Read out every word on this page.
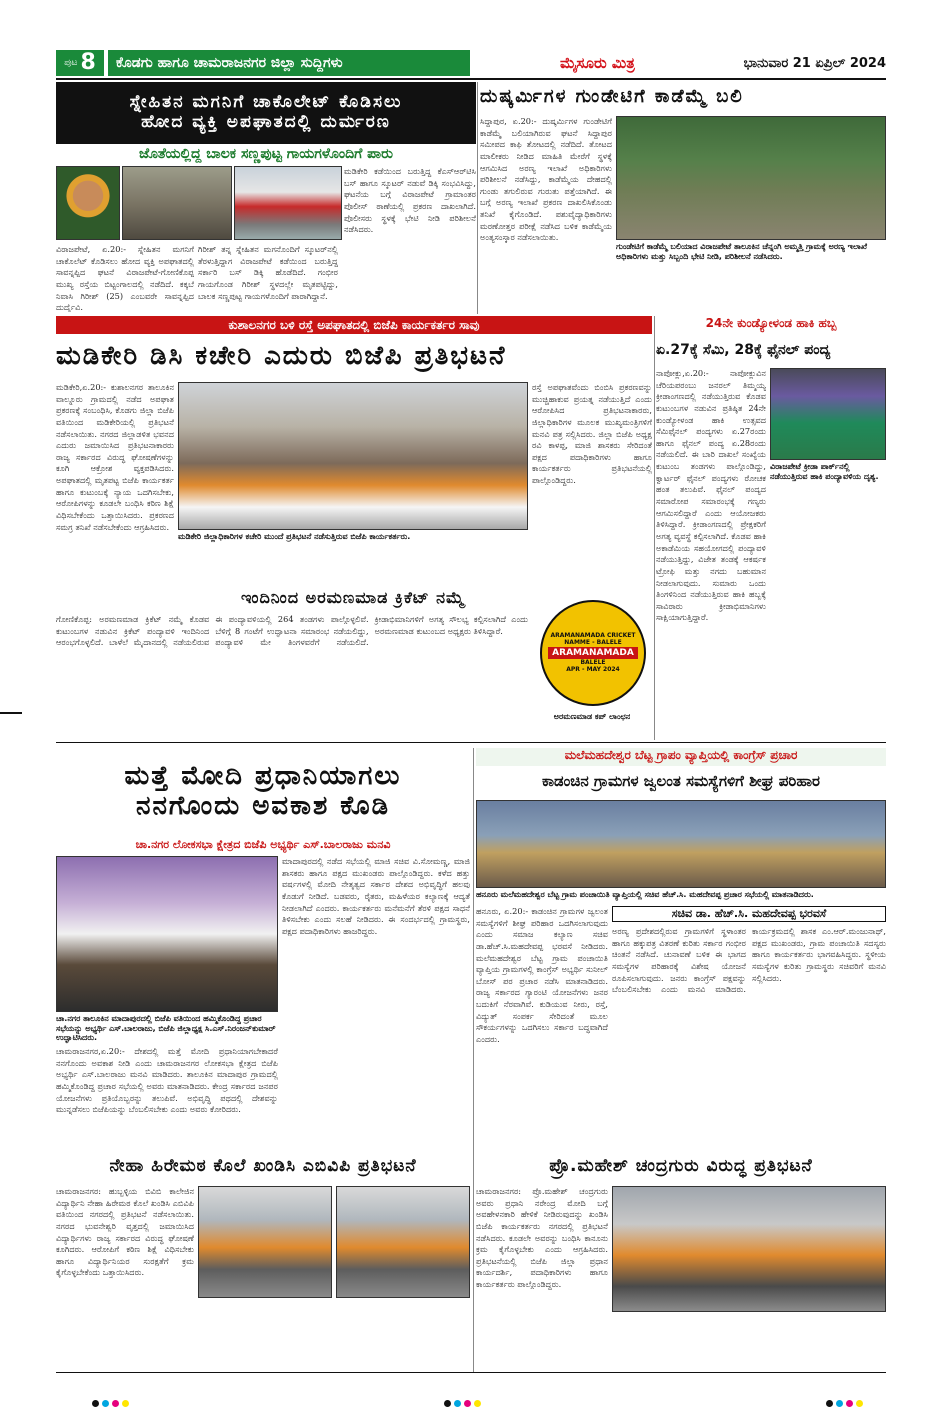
ಪುಟ 8	ಕೊಡಗು ಹಾಗೂ ಚಾಮರಾಜನಗರ ಜಿಲ್ಲಾ ಸುದ್ದಿಗಳು	ಮೈಸೂರು ಮಿತ್ರ	ಭಾನುವಾರ 21 ಏಪ್ರಿಲ್ 2024
ಸ್ನೇಹಿತನ ಮಗನಿಗೆ ಚಾಕೊಲೇಟ್ ಕೊಡಿಸಲು
ಹೋದ ವ್ಯಕ್ತಿ ಅಪಘಾತದಲ್ಲಿ ದುರ್ಮರಣ
ಜೊತೆಯಲ್ಲಿದ್ದ ಬಾಲಕ ಸಣ್ಣಪುಟ್ಟ ಗಾಯಗಳೊಂದಿಗೆ ಪಾರು
ವಿರಾಜಪೇಟೆ, ಏ.20:- ಸ್ನೇಹಿತನ ಮಗನಿಗೆ ಚಾಕೊಲೆಟ್ ಕೊಡಿಸಲು ಹೋದ ವ್ಯಕ್ತಿ ಅಪಘಾತದಲ್ಲಿ ಸಾವನ್ನಪ್ಪಿದ ಘಟನೆ ವಿರಾಜಪೇಟೆ-ಗೋಣಿಕೊಪ್ಪ ಮುಖ್ಯ ರಸ್ತೆಯ ಬಿಟ್ಟಂಗಾಲದಲ್ಲಿ ನಡೆದಿದೆ. ಕಕ್ಕಬೆ ನಿವಾಸಿ ಗಿರೀಶ್ (25) ಎಂಬವರೇ ಸಾವನ್ನಪ್ಪಿದ ದುರ್ದೈವಿ.
ಗಿರೀಶ್ ತನ್ನ ಸ್ನೇಹಿತನ ಮಗನೊಂದಿಗೆ ಸ್ಕೂಟರ್‌ನಲ್ಲಿ ತೆರಳುತ್ತಿದ್ದಾಗ ವಿರಾಜಪೇಟೆ ಕಡೆಯಿಂದ ಬರುತ್ತಿದ್ದ ಸರ್ಕಾರಿ ಬಸ್ ಡಿಕ್ಕಿ ಹೊಡೆದಿದೆ. ಗಂಭೀರ ಗಾಯಗೊಂಡ ಗಿರೀಶ್ ಸ್ಥಳದಲ್ಲೇ ಮೃತಪಟ್ಟಿದ್ದು, ಬಾಲಕ ಸಣ್ಣಪುಟ್ಟ ಗಾಯಗಳೊಂದಿಗೆ ಪಾರಾಗಿದ್ದಾನೆ.
ಮಡಿಕೇರಿ ಕಡೆಯಿಂದ ಬರುತ್ತಿದ್ದ ಕೆಎಸ್‌ಆರ್‌ಟಿಸಿ ಬಸ್ ಹಾಗೂ ಸ್ಕೂಟರ್ ನಡುವೆ ಡಿಕ್ಕಿ ಸಂಭವಿಸಿದ್ದು, ಘಟನೆಯ ಬಗ್ಗೆ ವಿರಾಜಪೇಟೆ ಗ್ರಾಮಾಂತರ ಪೊಲೀಸ್ ಠಾಣೆಯಲ್ಲಿ ಪ್ರಕರಣ ದಾಖಲಾಗಿದೆ. ಪೊಲೀಸರು ಸ್ಥಳಕ್ಕೆ ಭೇಟಿ ನೀಡಿ ಪರಿಶೀಲನೆ ನಡೆಸಿದರು.
ದುಷ್ಕರ್ಮಿಗಳ ಗುಂಡೇಟಿಗೆ ಕಾಡೆಮ್ಮೆ ಬಲಿ
ಸಿದ್ದಾಪುರ, ಏ.20:- ದುಷ್ಕರ್ಮಿಗಳ ಗುಂಡೇಟಿಗೆ ಕಾಡೆಮ್ಮೆ ಬಲಿಯಾಗಿರುವ ಘಟನೆ ಸಿದ್ದಾಪುರ ಸಮೀಪದ ಕಾಫಿ ತೋಟದಲ್ಲಿ ನಡೆದಿದೆ. ತೋಟದ ಮಾಲೀಕರು ನೀಡಿದ ಮಾಹಿತಿ ಮೇರೆಗೆ ಸ್ಥಳಕ್ಕೆ ಆಗಮಿಸಿದ ಅರಣ್ಯ ಇಲಾಖೆ ಅಧಿಕಾರಿಗಳು ಪರಿಶೀಲನೆ ನಡೆಸಿದ್ದು, ಕಾಡೆಮ್ಮೆಯ ದೇಹದಲ್ಲಿ ಗುಂಡು ತಗುಲಿರುವ ಗುರುತು ಪತ್ತೆಯಾಗಿದೆ. ಈ ಬಗ್ಗೆ ಅರಣ್ಯ ಇಲಾಖೆ ಪ್ರಕರಣ ದಾಖಲಿಸಿಕೊಂಡು ತನಿಖೆ ಕೈಗೊಂಡಿದೆ. ಪಶುವೈದ್ಯಾಧಿಕಾರಿಗಳು ಮರಣೋತ್ತರ ಪರೀಕ್ಷೆ ನಡೆಸಿದ ಬಳಿಕ ಕಾಡೆಮ್ಮೆಯ ಅಂತ್ಯಸಂಸ್ಕಾರ ನಡೆಸಲಾಯಿತು.
ಗುಂಡೇಟಿಗೆ ಕಾಡೆಮ್ಮೆ ಬಲಿಯಾದ ವಿರಾಜಪೇಟೆ ತಾಲೂಕಿನ ಚೆನ್ನಂಗಿ ಅಮ್ಮತ್ತಿ ಗ್ರಾಮಕ್ಕೆ ಅರಣ್ಯ ಇಲಾಖೆ ಅಧಿಕಾರಿಗಳು ಮತ್ತು ಸಿಬ್ಬಂದಿ ಭೇಟಿ ನೀಡಿ, ಪರಿಶೀಲನೆ ನಡೆಸಿದರು.
ಕುಶಾಲನಗರ ಬಳಿ ರಸ್ತೆ ಅಪಘಾತದಲ್ಲಿ ಬಿಜೆಪಿ ಕಾರ್ಯಕರ್ತರ ಸಾವು
ಮಡಿಕೇರಿ ಡಿಸಿ ಕಚೇರಿ ಎದುರು ಬಿಜೆಪಿ ಪ್ರತಿಭಟನೆ
ಮಡಿಕೇರಿ,ಏ.20:- ಕುಶಾಲನಗರ ತಾಲೂಕಿನ ವಾಲ್ನೂರು ಗ್ರಾಮದಲ್ಲಿ ನಡೆದ ಅಪಘಾತ ಪ್ರಕರಣಕ್ಕೆ ಸಂಬಂಧಿಸಿ, ಕೊಡಗು ಜಿಲ್ಲಾ ಬಿಜೆಪಿ ವತಿಯಿಂದ ಮಡಿಕೇರಿಯಲ್ಲಿ ಪ್ರತಿಭಟನೆ ನಡೆಸಲಾಯಿತು. ನಗರದ ಜಿಲ್ಲಾಡಳಿತ ಭವನದ ಎದುರು ಜಮಾಯಿಸಿದ ಪ್ರತಿಭಟನಾಕಾರರು ರಾಜ್ಯ ಸರ್ಕಾರದ ವಿರುದ್ಧ ಘೋಷಣೆಗಳನ್ನು ಕೂಗಿ ಆಕ್ರೋಶ ವ್ಯಕ್ತಪಡಿಸಿದರು. ಅಪಘಾತದಲ್ಲಿ ಮೃತಪಟ್ಟ ಬಿಜೆಪಿ ಕಾರ್ಯಕರ್ತ ಹಾಗೂ ಕುಟುಂಬಕ್ಕೆ ನ್ಯಾಯ ಒದಗಿಸಬೇಕು, ಆರೋಪಿಗಳನ್ನು ಕೂಡಲೇ ಬಂಧಿಸಿ ಕಠಿಣ ಶಿಕ್ಷೆ ವಿಧಿಸಬೇಕೆಂದು ಒತ್ತಾಯಿಸಿದರು. ಪ್ರಕರಣದ ಸಮಗ್ರ ತನಿಖೆ ನಡೆಸಬೇಕೆಂದು ಆಗ್ರಹಿಸಿದರು.
ಮಡಿಕೇರಿ ಜಿಲ್ಲಾಧಿಕಾರಿಗಳ ಕಚೇರಿ ಮುಂದೆ ಪ್ರತಿಭಟನೆ ನಡೆಸುತ್ತಿರುವ ಬಿಜೆಪಿ ಕಾರ್ಯಕರ್ತರು.
ರಸ್ತೆ ಅಪಘಾತವೆಂದು ಬಿಂಬಿಸಿ ಪ್ರಕರಣವನ್ನು ಮುಚ್ಚಿಹಾಕುವ ಪ್ರಯತ್ನ ನಡೆಯುತ್ತಿದೆ ಎಂದು ಆರೋಪಿಸಿದ ಪ್ರತಿಭಟನಾಕಾರರು, ಜಿಲ್ಲಾಧಿಕಾರಿಗಳ ಮೂಲಕ ಮುಖ್ಯಮಂತ್ರಿಗಳಿಗೆ ಮನವಿ ಪತ್ರ ಸಲ್ಲಿಸಿದರು. ಜಿಲ್ಲಾ ಬಿಜೆಪಿ ಅಧ್ಯಕ್ಷ ರವಿ ಕಾಳಪ್ಪ, ಮಾಜಿ ಶಾಸಕರು ಸೇರಿದಂತೆ ಪಕ್ಷದ ಪದಾಧಿಕಾರಿಗಳು ಹಾಗೂ ಕಾರ್ಯಕರ್ತರು ಪ್ರತಿಭಟನೆಯಲ್ಲಿ ಪಾಲ್ಗೊಂಡಿದ್ದರು.
24ನೇ ಕುಂಡ್ಯೋಳಂಡ ಹಾಕಿ ಹಬ್ಬ
ಏ.27ಕ್ಕೆ ಸೆಮಿ, 28ಕ್ಕೆ ಫೈನಲ್ ಪಂದ್ಯ
ನಾಪೋಕ್ಲು,ಏ.20:- ನಾಪೋಕ್ಲುವಿನ ಚೆರಿಯಪರಂಬು ಜನರಲ್ ತಿಮ್ಮಯ್ಯ ಕ್ರೀಡಾಂಗಣದಲ್ಲಿ ನಡೆಯುತ್ತಿರುವ ಕೊಡವ ಕುಟುಂಬಗಳ ನಡುವಿನ ಪ್ರತಿಷ್ಠಿತ 24ನೇ ಕುಂಡ್ಯೋಳಂಡ ಹಾಕಿ ಉತ್ಸವದ ಸೆಮಿಫೈನಲ್ ಪಂದ್ಯಗಳು ಏ.27ರಂದು ಹಾಗೂ ಫೈನಲ್ ಪಂದ್ಯ ಏ.28ರಂದು ನಡೆಯಲಿದೆ. ಈ ಬಾರಿ ದಾಖಲೆ ಸಂಖ್ಯೆಯ ಕುಟುಂಬ ತಂಡಗಳು ಪಾಲ್ಗೊಂಡಿದ್ದು, ಕ್ವಾರ್ಟರ್ ಫೈನಲ್ ಪಂದ್ಯಗಳು ರೋಚಕ ಹಂತ ತಲುಪಿವೆ. ಫೈನಲ್ ಪಂದ್ಯದ ಸಮಾರೋಪ ಸಮಾರಂಭಕ್ಕೆ ಗಣ್ಯರು ಆಗಮಿಸಲಿದ್ದಾರೆ ಎಂದು ಆಯೋಜಕರು ತಿಳಿಸಿದ್ದಾರೆ. ಕ್ರೀಡಾಂಗಣದಲ್ಲಿ ಪ್ರೇಕ್ಷಕರಿಗೆ ಅಗತ್ಯ ವ್ಯವಸ್ಥೆ ಕಲ್ಪಿಸಲಾಗಿದೆ. ಕೊಡವ ಹಾಕಿ ಅಕಾಡೆಮಿಯ ಸಹಯೋಗದಲ್ಲಿ ಪಂದ್ಯಾವಳಿ ನಡೆಯುತ್ತಿದ್ದು, ವಿಜೇತ ತಂಡಕ್ಕೆ ಆಕರ್ಷಕ ಟ್ರೋಫಿ ಮತ್ತು ನಗದು ಬಹುಮಾನ ನೀಡಲಾಗುವುದು. ಸುಮಾರು ಒಂದು ತಿಂಗಳಿನಿಂದ ನಡೆಯುತ್ತಿರುವ ಹಾಕಿ ಹಬ್ಬಕ್ಕೆ ಸಾವಿರಾರು ಕ್ರೀಡಾಭಿಮಾನಿಗಳು ಸಾಕ್ಷಿಯಾಗುತ್ತಿದ್ದಾರೆ.
ವಿರಾಜಪೇಟೆ ಕ್ರೀಡಾ ಪಾರ್ಕ್‌ನಲ್ಲಿ ನಡೆಯುತ್ತಿರುವ ಹಾಕಿ ಪಂದ್ಯಾವಳಿಯ ದೃಶ್ಯ.
ಇಂದಿನಿಂದ ಅರಮಣಮಾಡ ಕ್ರಿಕೆಟ್ ನಮ್ಮೆ
ಗೋಣಿಕೊಪ್ಪ: ಅರಮಣಮಾಡ ಕ್ರಿಕೆಟ್ ನಮ್ಮೆ ಕೊಡವ ಕುಟುಂಬಗಳ ನಡುವಿನ ಕ್ರಿಕೆಟ್ ಪಂದ್ಯಾವಳಿ ಇಂದಿನಿಂದ ಆರಂಭಗೊಳ್ಳಲಿದೆ. ಬಾಳೆಲೆ ಮೈದಾನದಲ್ಲಿ ನಡೆಯಲಿರುವ ಈ ಪಂದ್ಯಾವಳಿಯಲ್ಲಿ 264 ತಂಡಗಳು ಪಾಲ್ಗೊಳ್ಳಲಿವೆ. ಬೆಳಿಗ್ಗೆ 8 ಗಂಟೆಗೆ ಉದ್ಘಾಟನಾ ಸಮಾರಂಭ ನಡೆಯಲಿದ್ದು, ಪಂದ್ಯಾವಳಿ ಮೇ ತಿಂಗಳವರೆಗೆ ನಡೆಯಲಿದೆ. ಕ್ರೀಡಾಭಿಮಾನಿಗಳಿಗೆ ಅಗತ್ಯ ಸೌಲಭ್ಯ ಕಲ್ಪಿಸಲಾಗಿದೆ ಎಂದು ಅರಮಣಮಾಡ ಕುಟುಂಬದ ಅಧ್ಯಕ್ಷರು ತಿಳಿಸಿದ್ದಾರೆ.
ARAMANAMADA CRICKET NAMME - BALELE
ARAMANAMADA
BALELE
APR - MAY 2024
ಅರಮಣಮಾಡ ಕಪ್ ಲಾಂಛನ
ಮತ್ತೆ ಮೋದಿ ಪ್ರಧಾನಿಯಾಗಲು
ನನಗೊಂದು ಅವಕಾಶ ಕೊಡಿ
ಚಾ.ನಗರ ಲೋಕಸಭಾ ಕ್ಷೇತ್ರದ ಬಿಜೆಪಿ ಅಭ್ಯರ್ಥಿ ಎಸ್.ಬಾಲರಾಜು ಮನವಿ
ಚಾ.ನಗರ ತಾಲೂಕಿನ ಮಾದಾಪುರದಲ್ಲಿ ಬಿಜೆಪಿ ವತಿಯಿಂದ ಹಮ್ಮಿಕೊಂಡಿದ್ದ ಪ್ರಚಾರ ಸಭೆಯನ್ನು ಅಭ್ಯರ್ಥಿ ಎಸ್.ಬಾಲರಾಜು, ಬಿಜೆಪಿ ಜಿಲ್ಲಾಧ್ಯಕ್ಷ ಸಿ.ಎಸ್.ನಿರಂಜನ್‌ಕುಮಾರ್ ಉದ್ಘಾಟಿಸಿದರು.
ಚಾಮರಾಜನಗರ,ಏ.20:- ದೇಶದಲ್ಲಿ ಮತ್ತೆ ಮೋದಿ ಪ್ರಧಾನಿಯಾಗಬೇಕಾದರೆ ನನಗೊಂದು ಅವಕಾಶ ನೀಡಿ ಎಂದು ಚಾಮರಾಜನಗರ ಲೋಕಸಭಾ ಕ್ಷೇತ್ರದ ಬಿಜೆಪಿ ಅಭ್ಯರ್ಥಿ ಎಸ್.ಬಾಲರಾಜು ಮನವಿ ಮಾಡಿದರು. ತಾಲೂಕಿನ ಮಾದಾಪುರ ಗ್ರಾಮದಲ್ಲಿ ಹಮ್ಮಿಕೊಂಡಿದ್ದ ಪ್ರಚಾರ ಸಭೆಯಲ್ಲಿ ಅವರು ಮಾತನಾಡಿದರು. ಕೇಂದ್ರ ಸರ್ಕಾರದ ಜನಪರ ಯೋಜನೆಗಳು ಪ್ರತಿಯೊಬ್ಬರನ್ನು ತಲುಪಿವೆ. ಅಭಿವೃದ್ಧಿ ಪಥದಲ್ಲಿ ದೇಶವನ್ನು ಮುನ್ನಡೆಸಲು ಬಿಜೆಪಿಯನ್ನು ಬೆಂಬಲಿಸಬೇಕು ಎಂದು ಅವರು ಕೋರಿದರು.
ಮಾದಾಪುರದಲ್ಲಿ ನಡೆದ ಸಭೆಯಲ್ಲಿ ಮಾಜಿ ಸಚಿವ ವಿ.ಸೋಮಣ್ಣ, ಮಾಜಿ ಶಾಸಕರು ಹಾಗೂ ಪಕ್ಷದ ಮುಖಂಡರು ಪಾಲ್ಗೊಂಡಿದ್ದರು. ಕಳೆದ ಹತ್ತು ವರ್ಷಗಳಲ್ಲಿ ಮೋದಿ ನೇತೃತ್ವದ ಸರ್ಕಾರ ದೇಶದ ಅಭಿವೃದ್ಧಿಗೆ ಹಲವು ಕೊಡುಗೆ ನೀಡಿದೆ. ಬಡವರು, ರೈತರು, ಮಹಿಳೆಯರ ಕಲ್ಯಾಣಕ್ಕೆ ಆದ್ಯತೆ ನೀಡಲಾಗಿದೆ ಎಂದರು. ಕಾರ್ಯಕರ್ತರು ಮನೆಮನೆಗೆ ತೆರಳಿ ಪಕ್ಷದ ಸಾಧನೆ ತಿಳಿಸಬೇಕು ಎಂದು ಸಲಹೆ ನೀಡಿದರು. ಈ ಸಂದರ್ಭದಲ್ಲಿ ಗ್ರಾಮಸ್ಥರು, ಪಕ್ಷದ ಪದಾಧಿಕಾರಿಗಳು ಹಾಜರಿದ್ದರು.
ಮಲೆಮಹದೇಶ್ವರ ಬೆಟ್ಟ ಗ್ರಾಪಂ ವ್ಯಾಪ್ತಿಯಲ್ಲಿ ಕಾಂಗ್ರೆಸ್ ಪ್ರಚಾರ
ಕಾಡಂಚಿನ ಗ್ರಾಮಗಳ ಜ್ವಲಂತ ಸಮಸ್ಯೆಗಳಿಗೆ ಶೀಘ್ರ ಪರಿಹಾರ
ಹನೂರು ಮಲೆಮಹದೇಶ್ವರ ಬೆಟ್ಟ ಗ್ರಾಮ ಪಂಚಾಯಿತಿ ವ್ಯಾಪ್ತಿಯಲ್ಲಿ ಸಚಿವ ಹೆಚ್.ಸಿ. ಮಹದೇವಪ್ಪ ಪ್ರಚಾರ ಸಭೆಯಲ್ಲಿ ಮಾತನಾಡಿದರು.
ಹನೂರು, ಏ.20:- ಕಾಡಂಚಿನ ಗ್ರಾಮಗಳ ಜ್ವಲಂತ ಸಮಸ್ಯೆಗಳಿಗೆ ಶೀಘ್ರ ಪರಿಹಾರ ಒದಗಿಸಲಾಗುವುದು ಎಂದು ಸಮಾಜ ಕಲ್ಯಾಣ ಸಚಿವ ಡಾ.ಹೆಚ್.ಸಿ.ಮಹದೇವಪ್ಪ ಭರವಸೆ ನೀಡಿದರು. ಮಲೆಮಹದೇಶ್ವರ ಬೆಟ್ಟ ಗ್ರಾಮ ಪಂಚಾಯಿತಿ ವ್ಯಾಪ್ತಿಯ ಗ್ರಾಮಗಳಲ್ಲಿ ಕಾಂಗ್ರೆಸ್ ಅಭ್ಯರ್ಥಿ ಸುನೀಲ್ ಬೋಸ್ ಪರ ಪ್ರಚಾರ ನಡೆಸಿ ಮಾತನಾಡಿದರು. ರಾಜ್ಯ ಸರ್ಕಾರದ ಗ್ಯಾರಂಟಿ ಯೋಜನೆಗಳು ಜನರ ಬದುಕಿಗೆ ನೆರವಾಗಿವೆ. ಕುಡಿಯುವ ನೀರು, ರಸ್ತೆ, ವಿದ್ಯುತ್ ಸಂಪರ್ಕ ಸೇರಿದಂತೆ ಮೂಲ ಸೌಕರ್ಯಗಳನ್ನು ಒದಗಿಸಲು ಸರ್ಕಾರ ಬದ್ಧವಾಗಿದೆ ಎಂದರು.
ಸಚಿವ ಡಾ. ಹೆಚ್.ಸಿ. ಮಹದೇವಪ್ಪ ಭರವಸೆ
ಅರಣ್ಯ ಪ್ರದೇಶದಲ್ಲಿರುವ ಗ್ರಾಮಗಳಿಗೆ ಸ್ಥಳಾಂತರ ಹಾಗೂ ಹಕ್ಕುಪತ್ರ ವಿತರಣೆ ಕುರಿತು ಸರ್ಕಾರ ಗಂಭೀರ ಚಿಂತನೆ ನಡೆಸಿದೆ. ಚುನಾವಣೆ ಬಳಿಕ ಈ ಭಾಗದ ಸಮಸ್ಯೆಗಳ ಪರಿಹಾರಕ್ಕೆ ವಿಶೇಷ ಯೋಜನೆ ರೂಪಿಸಲಾಗುವುದು. ಜನರು ಕಾಂಗ್ರೆಸ್ ಪಕ್ಷವನ್ನು ಬೆಂಬಲಿಸಬೇಕು ಎಂದು ಮನವಿ ಮಾಡಿದರು. ಕಾರ್ಯಕ್ರಮದಲ್ಲಿ ಶಾಸಕ ಎಂ.ಆರ್.ಮಂಜುನಾಥ್, ಪಕ್ಷದ ಮುಖಂಡರು, ಗ್ರಾಮ ಪಂಚಾಯಿತಿ ಸದಸ್ಯರು ಹಾಗೂ ಕಾರ್ಯಕರ್ತರು ಭಾಗವಹಿಸಿದ್ದರು. ಸ್ಥಳೀಯ ಸಮಸ್ಯೆಗಳ ಕುರಿತು ಗ್ರಾಮಸ್ಥರು ಸಚಿವರಿಗೆ ಮನವಿ ಸಲ್ಲಿಸಿದರು.
ನೇಹಾ ಹಿರೇಮಠ ಕೊಲೆ ಖಂಡಿಸಿ ಎಬಿವಿಪಿ ಪ್ರತಿಭಟನೆ
ಚಾಮರಾಜನಗರ: ಹುಬ್ಬಳ್ಳಿಯ ಬಿವಿಬಿ ಕಾಲೇಜಿನ ವಿದ್ಯಾರ್ಥಿನಿ ನೇಹಾ ಹಿರೇಮಠ ಕೊಲೆ ಖಂಡಿಸಿ ಎಬಿವಿಪಿ ವತಿಯಿಂದ ನಗರದಲ್ಲಿ ಪ್ರತಿಭಟನೆ ನಡೆಸಲಾಯಿತು. ನಗರದ ಭುವನೇಶ್ವರಿ ವೃತ್ತದಲ್ಲಿ ಜಮಾಯಿಸಿದ ವಿದ್ಯಾರ್ಥಿಗಳು ರಾಜ್ಯ ಸರ್ಕಾರದ ವಿರುದ್ಧ ಘೋಷಣೆ ಕೂಗಿದರು. ಆರೋಪಿಗೆ ಕಠಿಣ ಶಿಕ್ಷೆ ವಿಧಿಸಬೇಕು ಹಾಗೂ ವಿದ್ಯಾರ್ಥಿನಿಯರ ಸುರಕ್ಷತೆಗೆ ಕ್ರಮ ಕೈಗೊಳ್ಳಬೇಕೆಂದು ಒತ್ತಾಯಿಸಿದರು.
ಪ್ರೊ.ಮಹೇಶ್ ಚಂದ್ರಗುರು ವಿರುದ್ಧ ಪ್ರತಿಭಟನೆ
ಚಾಮರಾಜನಗರ: ಪ್ರೊ.ಮಹೇಶ್ ಚಂದ್ರಗುರು ಅವರು ಪ್ರಧಾನಿ ನರೇಂದ್ರ ಮೋದಿ ಬಗ್ಗೆ ಅವಹೇಳನಕಾರಿ ಹೇಳಿಕೆ ನೀಡಿರುವುದನ್ನು ಖಂಡಿಸಿ ಬಿಜೆಪಿ ಕಾರ್ಯಕರ್ತರು ನಗರದಲ್ಲಿ ಪ್ರತಿಭಟನೆ ನಡೆಸಿದರು. ಕೂಡಲೇ ಅವರನ್ನು ಬಂಧಿಸಿ ಕಾನೂನು ಕ್ರಮ ಕೈಗೊಳ್ಳಬೇಕು ಎಂದು ಆಗ್ರಹಿಸಿದರು. ಪ್ರತಿಭಟನೆಯಲ್ಲಿ ಬಿಜೆಪಿ ಜಿಲ್ಲಾ ಪ್ರಧಾನ ಕಾರ್ಯದರ್ಶಿ, ಪದಾಧಿಕಾರಿಗಳು ಹಾಗೂ ಕಾರ್ಯಕರ್ತರು ಪಾಲ್ಗೊಂಡಿದ್ದರು.
